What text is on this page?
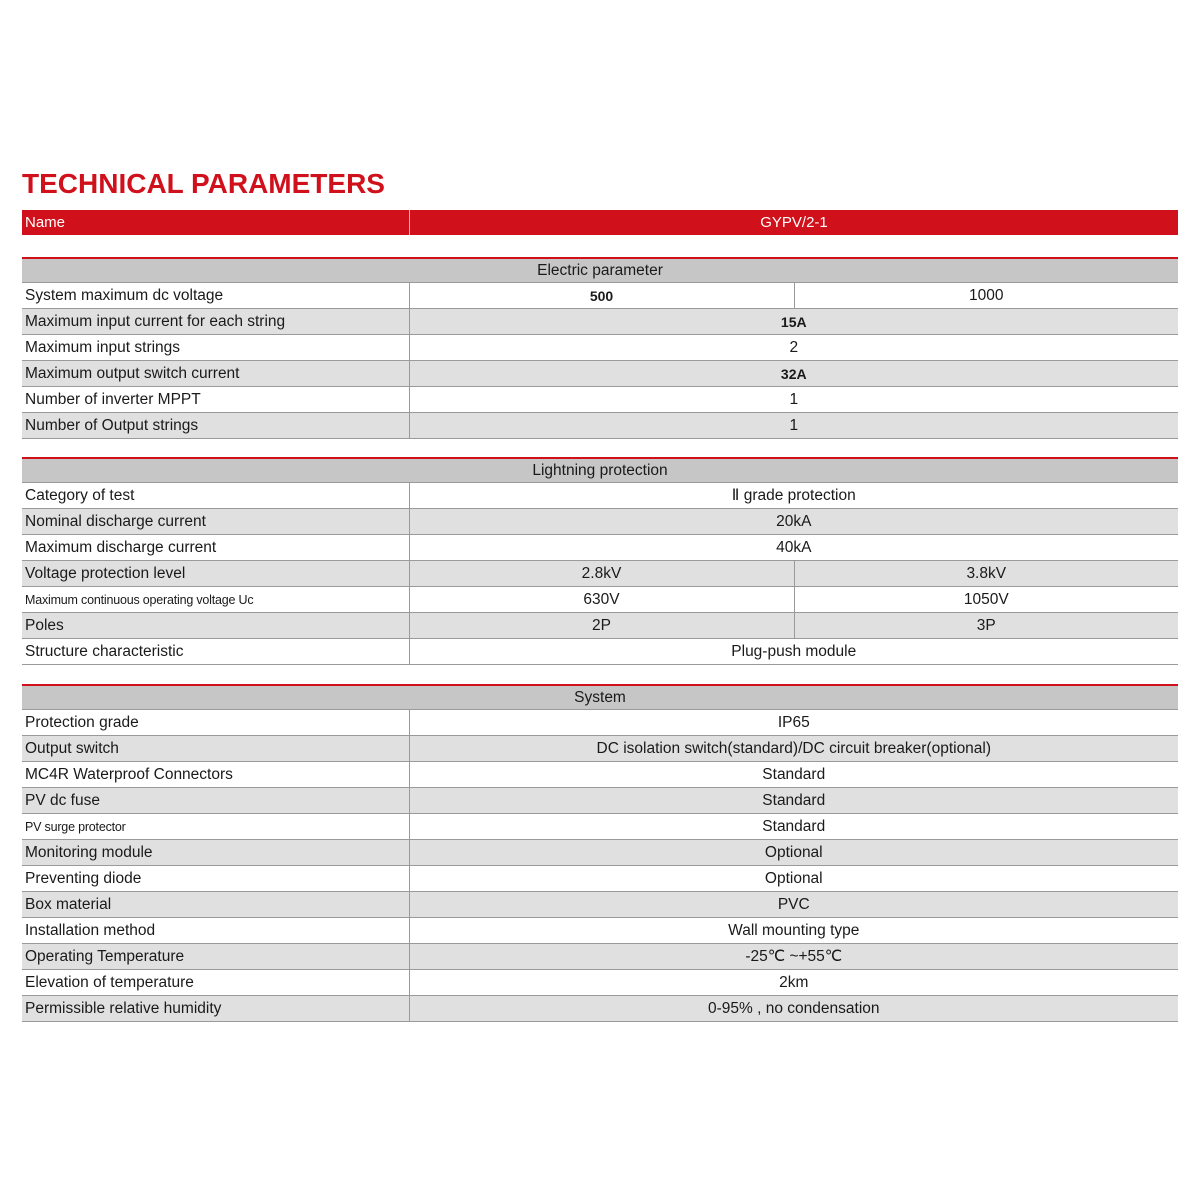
TECHNICAL PARAMETERS
Name	GYPV/2-1
Electric parameter		
System maximum dc voltage	500	1000
Maximum input current for each string	15A	
Maximum input strings	2	
Maximum output switch current	32A	
Number of inverter MPPT	1	
Number of Output strings	1	
Lightning protection		
Category of test	Ⅱ grade protection	
Nominal discharge current	20kA	
Maximum discharge current	40kA	
Voltage protection level	2.8kV	3.8kV
Maximum continuous operating voltage Uc	630V	1050V
Poles	2P	3P
Structure characteristic	Plug-push module	
System	
Protection grade	IP65
Output switch	DC isolation switch(standard)/DC circuit breaker(optional)
MC4R Waterproof Connectors	Standard
PV dc fuse	Standard
PV surge protector	Standard
Monitoring module	Optional
Preventing diode	Optional
Box material	PVC
Installation method	Wall mounting type
Operating Temperature	-25℃ ~+55℃
Elevation of temperature	2km
Permissible relative humidity	0-95% , no condensation
